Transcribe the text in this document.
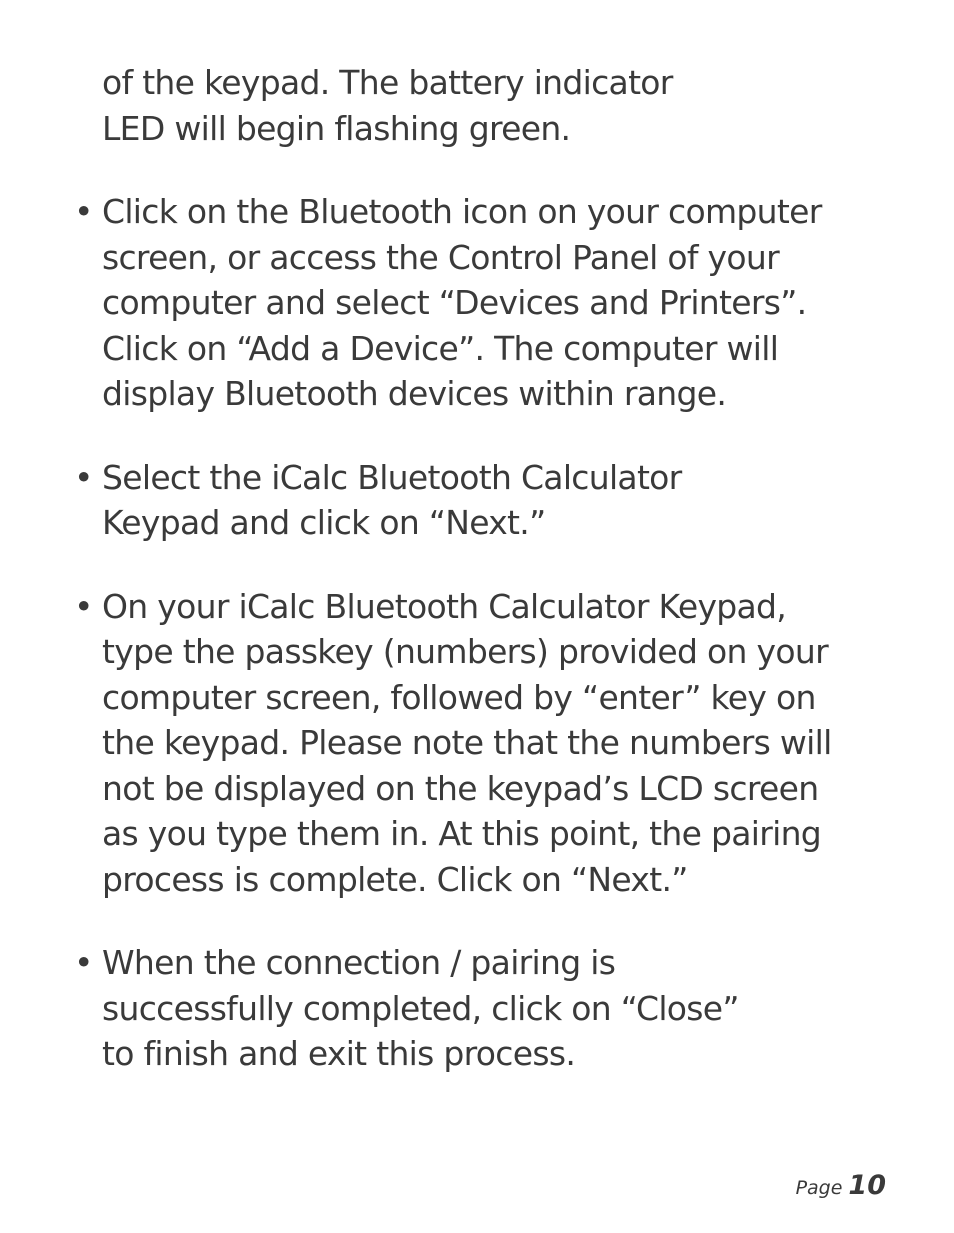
of the keypad. The battery indicator
LED will begin flashing green.
• Click on the Bluetooth icon on your computer
screen, or access the Control Panel of your
computer and select “Devices and Printers”.
Click on “Add a Device”. The computer will
display Bluetooth devices within range.
• Select the iCalc Bluetooth Calculator
Keypad and click on “Next.”
• On your iCalc Bluetooth Calculator Keypad,
type the passkey (numbers) provided on your
computer screen, followed by “enter” key on
the keypad. Please note that the numbers will
not be displayed on the keypad’s LCD screen
as you type them in. At this point, the pairing
process is complete. Click on “Next.”
• When the connection / pairing is
successfully completed, click on “Close”
to finish and exit this process.
Page 10
